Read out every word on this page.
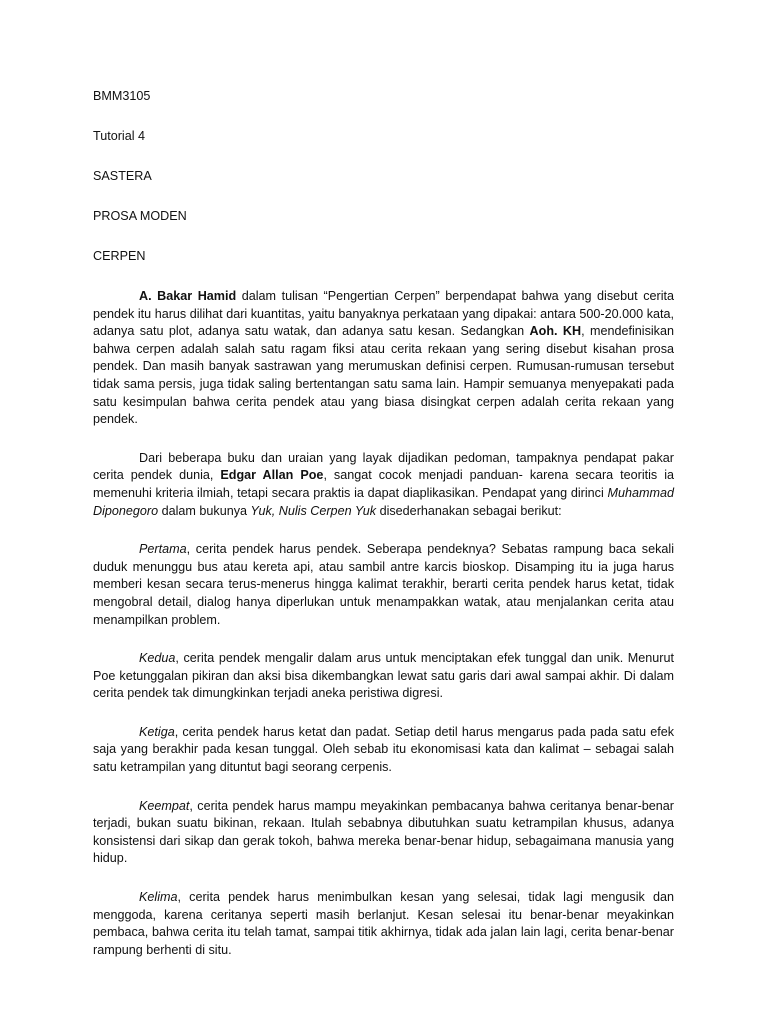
BMM3105
Tutorial 4
SASTERA
PROSA MODEN
CERPEN

A. Bakar Hamid dalam tulisan “Pengertian Cerpen” berpendapat bahwa yang disebut cerita pendek itu harus dilihat dari kuantitas, yaitu banyaknya perkataan yang dipakai: antara 500-20.000 kata, adanya satu plot, adanya satu watak, dan adanya satu kesan. Sedangkan Aoh. KH, mendefinisikan bahwa cerpen adalah salah satu ragam fiksi atau cerita rekaan yang sering disebut kisahan prosa pendek. Dan masih banyak sastrawan yang merumuskan definisi cerpen. Rumusan-rumusan tersebut tidak sama persis, juga tidak saling bertentangan satu sama lain. Hampir semuanya menyepakati pada satu kesimpulan bahwa cerita pendek atau yang biasa disingkat cerpen adalah cerita rekaan yang pendek.

Dari beberapa buku dan uraian yang layak dijadikan pedoman, tampaknya pendapat pakar cerita pendek dunia, Edgar Allan Poe, sangat cocok menjadi panduan- karena secara teoritis ia memenuhi kriteria ilmiah, tetapi secara praktis ia dapat diaplikasikan. Pendapat yang dirinci Muhammad Diponegoro dalam bukunya Yuk, Nulis Cerpen Yuk disederhanakan sebagai berikut:

Pertama, cerita pendek harus pendek. Seberapa pendeknya? Sebatas rampung baca sekali duduk menunggu bus atau kereta api, atau sambil antre karcis bioskop. Disamping itu ia juga harus memberi kesan secara terus-menerus hingga kalimat terakhir, berarti cerita pendek harus ketat, tidak mengobral detail, dialog hanya diperlukan untuk menampakkan watak, atau menjalankan cerita atau menampilkan problem.

Kedua, cerita pendek mengalir dalam arus untuk menciptakan efek tunggal dan unik. Menurut Poe ketunggalan pikiran dan aksi bisa dikembangkan lewat satu garis dari awal sampai akhir. Di dalam cerita pendek tak dimungkinkan terjadi aneka peristiwa digresi.

Ketiga, cerita pendek harus ketat dan padat. Setiap detil harus mengarus pada pada satu efek saja yang berakhir pada kesan tunggal. Oleh sebab itu ekonomisasi kata dan kalimat – sebagai salah satu ketrampilan yang dituntut bagi seorang cerpenis.

Keempat, cerita pendek harus mampu meyakinkan pembacanya bahwa ceritanya benar-benar terjadi, bukan suatu bikinan, rekaan. Itulah sebabnya dibutuhkan suatu ketrampilan khusus, adanya konsistensi dari sikap dan gerak tokoh, bahwa mereka benar-benar hidup, sebagaimana manusia yang hidup.

Kelima, cerita pendek harus menimbulkan kesan yang selesai, tidak lagi mengusik dan menggoda, karena ceritanya seperti masih berlanjut. Kesan selesai itu benar-benar meyakinkan pembaca, bahwa cerita itu telah tamat, sampai titik akhirnya, tidak ada jalan lain lagi, cerita benar-benar rampung berhenti di situ.
